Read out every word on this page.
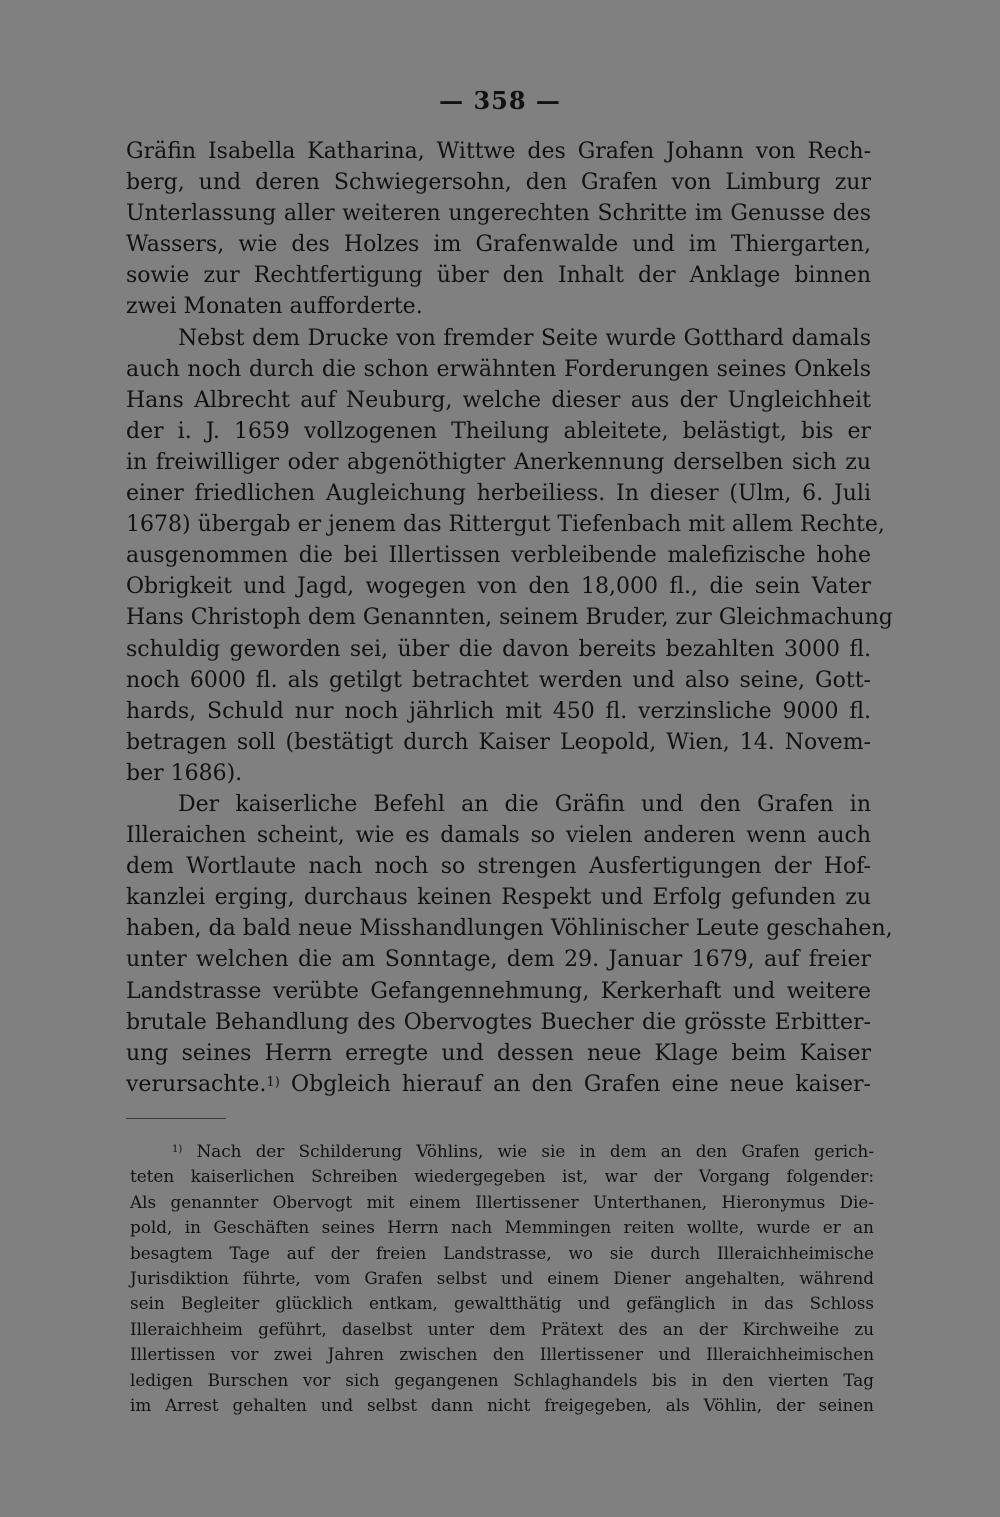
— 358 —
Gräfin Isabella Katharina, Wittwe des Grafen Johann von Rech-
berg, und deren Schwiegersohn, den Grafen von Limburg zur
Unterlassung aller weiteren ungerechten Schritte im Genusse des
Wassers, wie des Holzes im Grafenwalde und im Thiergarten,
sowie zur Rechtfertigung über den Inhalt der Anklage binnen
zwei Monaten aufforderte.
Nebst dem Drucke von fremder Seite wurde Gotthard damals
auch noch durch die schon erwähnten Forderungen seines Onkels
Hans Albrecht auf Neuburg, welche dieser aus der Ungleichheit
der i. J. 1659 vollzogenen Theilung ableitete, belästigt, bis er
in freiwilliger oder abgenöthigter Anerkennung derselben sich zu
einer friedlichen Augleichung herbeiliess. In dieser (Ulm, 6. Juli
1678) übergab er jenem das Rittergut Tiefenbach mit allem Rechte,
ausgenommen die bei Illertissen verbleibende malefizische hohe
Obrigkeit und Jagd, wogegen von den 18,000 fl., die sein Vater
Hans Christoph dem Genannten, seinem Bruder, zur Gleichmachung
schuldig geworden sei, über die davon bereits bezahlten 3000 fl.
noch 6000 fl. als getilgt betrachtet werden und also seine, Gott-
hards, Schuld nur noch jährlich mit 450 fl. verzinsliche 9000 fl.
betragen soll (bestätigt durch Kaiser Leopold, Wien, 14. Novem-
ber 1686).
Der kaiserliche Befehl an die Gräfin und den Grafen in
Illeraichen scheint, wie es damals so vielen anderen wenn auch
dem Wortlaute nach noch so strengen Ausfertigungen der Hof-
kanzlei erging, durchaus keinen Respekt und Erfolg gefunden zu
haben, da bald neue Misshandlungen Vöhlinischer Leute geschahen,
unter welchen die am Sonntage, dem 29. Januar 1679, auf freier
Landstrasse verübte Gefangennehmung, Kerkerhaft und weitere
brutale Behandlung des Obervogtes Buecher die grösste Erbitter-
ung seines Herrn erregte und dessen neue Klage beim Kaiser
verursachte.$^{1)}$ Obgleich hierauf an den Grafen eine neue kaiser-
$^{1)}$ Nach der Schilderung Vöhlins, wie sie in dem an den Grafen gerich-
teten kaiserlichen Schreiben wiedergegeben ist, war der Vorgang folgender:
Als genannter Obervogt mit einem Illertissener Unterthanen, Hieronymus Die-
pold, in Geschäften seines Herrn nach Memmingen reiten wollte, wurde er an
besagtem Tage auf der freien Landstrasse, wo sie durch Illeraichheimische
Jurisdiktion führte, vom Grafen selbst und einem Diener angehalten, während
sein Begleiter glücklich entkam, gewaltthätig und gefänglich in das Schloss
Illeraichheim geführt, daselbst unter dem Prätext des an der Kirchweihe zu
Illertissen vor zwei Jahren zwischen den Illertissener und Illeraichheimischen
ledigen Burschen vor sich gegangenen Schlaghandels bis in den vierten Tag
im Arrest gehalten und selbst dann nicht freigegeben, als Vöhlin, der seinen
